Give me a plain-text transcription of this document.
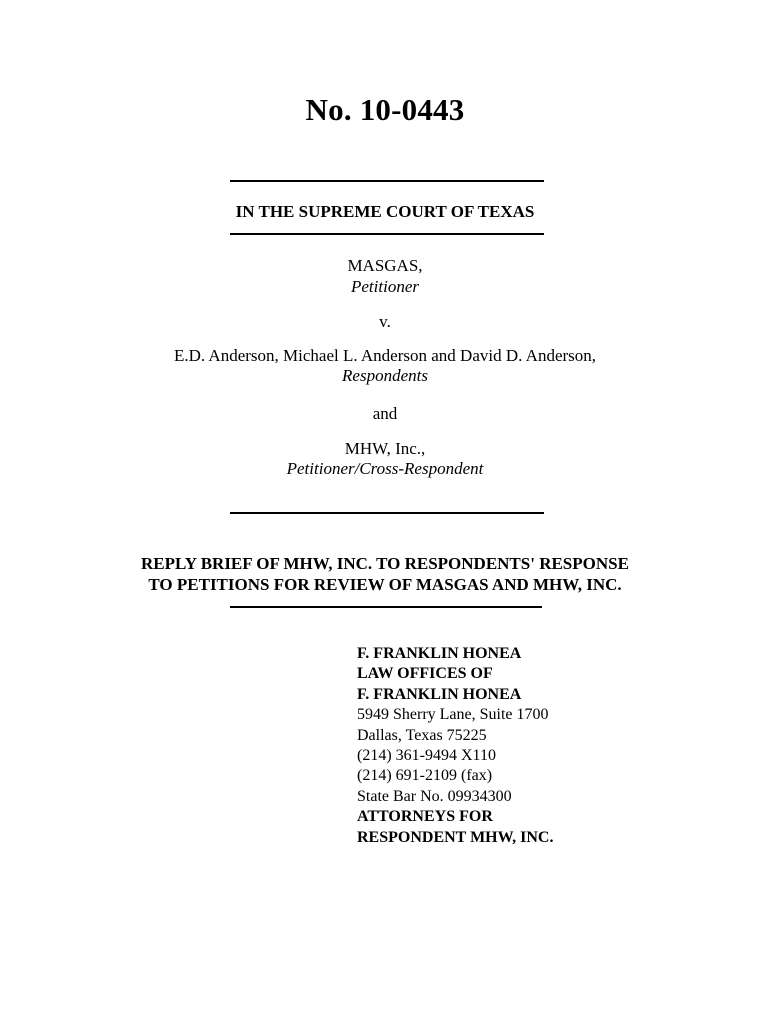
No. 10-0443
IN THE SUPREME COURT OF TEXAS
MASGAS,
Petitioner
v.
E.D. Anderson, Michael L. Anderson and David D. Anderson,
Respondents
and
MHW, Inc.,
Petitioner/Cross-Respondent
REPLY BRIEF OF MHW, INC. TO RESPONDENTS' RESPONSE
TO PETITIONS FOR REVIEW OF MASGAS AND MHW, INC.
F. FRANKLIN HONEA
LAW OFFICES OF
F. FRANKLIN HONEA
5949 Sherry Lane, Suite 1700
Dallas, Texas 75225
(214) 361-9494 X110
(214) 691-2109 (fax)
State Bar No. 09934300
ATTORNEYS FOR
RESPONDENT MHW, INC.
